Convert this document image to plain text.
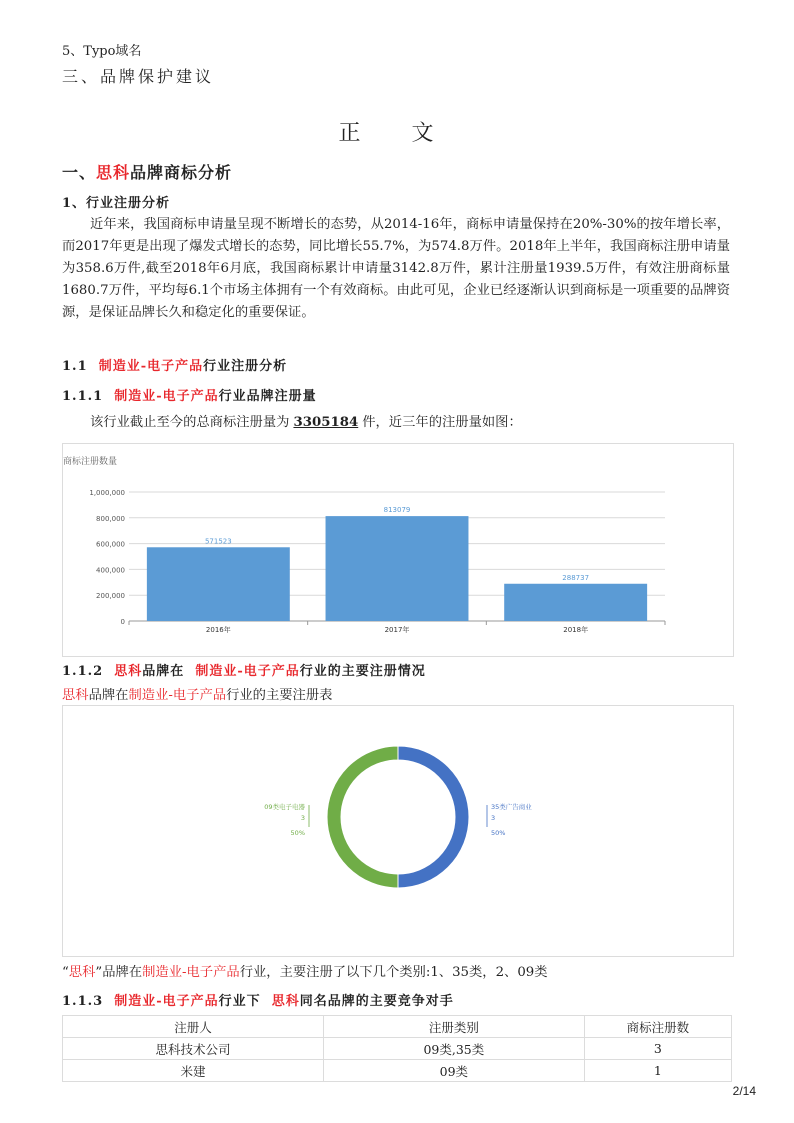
5、Typo域名
三、品牌保护建议
正 文
一、思科品牌商标分析
1、行业注册分析
近年来，我国商标申请量呈现不断增长的态势，从2014-16年，商标申请量保持在20%-30%的按年增长率，而2017年更是出现了爆发式增长的态势，同比增长55.7%，为574.8万件。2018年上半年，我国商标注册申请量为358.6万件,截至2018年6月底，我国商标累计申请量3142.8万件，累计注册量1939.5万件，有效注册商标量1680.7万件，平均每6.1个市场主体拥有一个有效商标。由此可见，企业已经逐渐认识到商标是一项重要的品牌资源，是保证品牌长久和稳定化的重要保证。
1.1 制造业-电子产品行业注册分析
1.1.1 制造业-电子产品行业品牌注册量
该行业截止至今的总商标注册量为 3305184 件，近三年的注册量如图：
商标注册数量
0
200,000
400,000
600,000
800,000
1,000,000
571523
2016年
813079
2017年
288737
2018年
1.1.2 思科品牌在 制造业-电子产品行业的主要注册情况
思科品牌在制造业-电子产品行业的主要注册表
35类广告商业
3
50%
09类电子电器
3
50%
“思科”品牌在制造业-电子产品行业，主要注册了以下几个类别:1、35类，2、09类
1.1.3 制造业-电子产品行业下 思科同名品牌的主要竞争对手
注册人	注册类别	商标注册数
思科技术公司	09类,35类	3
米建	09类	1
2/14
